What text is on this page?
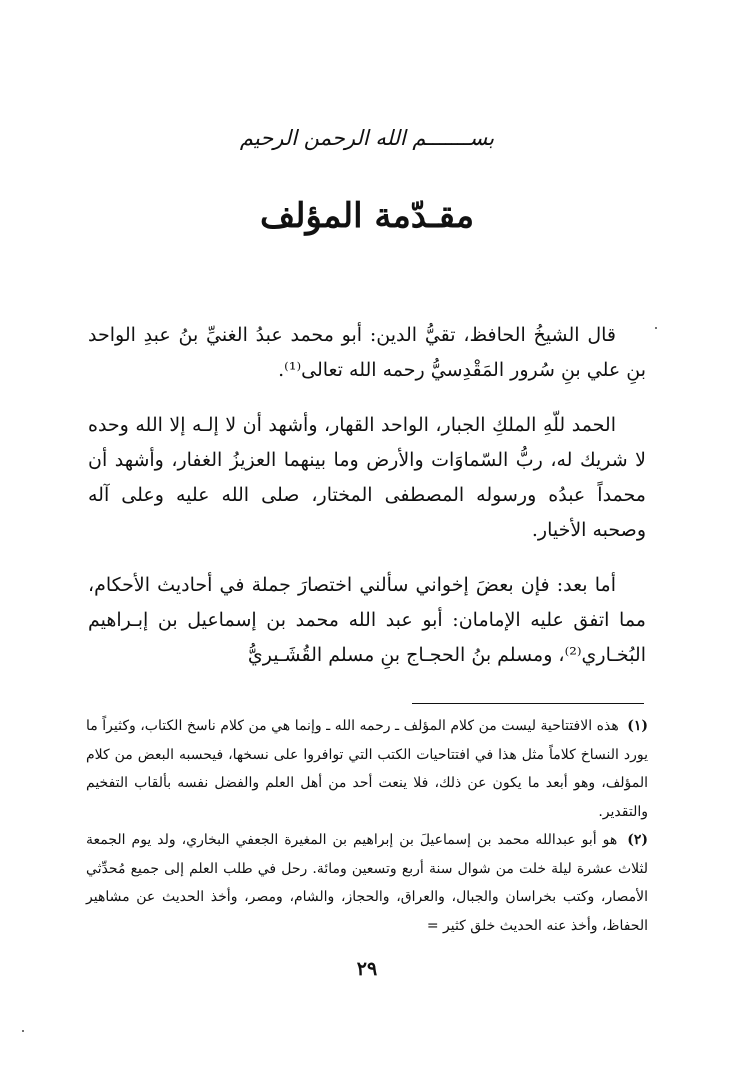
بســـــــم الله الرحمن الرحيم
مقـدّمة المؤلف

قال الشيخُ الحافظ، تقيُّ الدين: أبو محمد عبدُ الغنيِّ بنُ عبدِ الواحد بنِ علي بنِ سُرور المَقْدِسيُّ رحمه الله تعالى⁽¹⁾.

الحمد للّهِ الملكِ الجبار، الواحد القهار، وأشهد أن لا إلـه إلا الله وحده لا شريك له، ربُّ السّماوَات والأرض وما بينهما العزيزُ الغفار، وأشهد أن محمداً عبدُه ورسوله المصطفى المختار، صلى الله عليه وعلى آله وصحبه الأخيار.

أما بعد: فإن بعضَ إخواني سألني اختصارَ جملة في أحاديث الأحكام، مما اتفق عليه الإمامان: أبو عبد الله محمد بن إسماعيل بن إبـراهيم البُخـاري⁽²⁾، ومسلم بنُ الحجـاج بنِ مسلم القُشَـيريُّ

(١) هذه الافتتاحية ليست من كلام المؤلف ـ رحمه الله ـ وإنما هي من كلام ناسخ الكتاب، وكثيراً ما يورد النساخ كلاماً مثل هذا في افتتاحيات الكتب التي توافروا على نسخها، فيحسبه البعض من كلام المؤلف، وهو أبعد ما يكون عن ذلك، فلا ينعت أحد من أهل العلم والفضل نفسه بألقاب التفخيم والتقدير.

(٢) هو أبو عبدالله محمد بن إسماعيلَ بن إبراهيم بن المغيرة الجعفي البخاري، ولد يوم الجمعة لثلاث عشرة ليلة خلت من شوال سنة أربع وتسعين ومائة. رحل في طلب العلم إلى جميع مُحدِّثي الأمصار، وكتب بخراسان والجبال، والعراق، والحجاز، والشام، ومصر، وأخذ الحديث عن مشاهير الحفاظ، وأخذ عنه الحديث خلق كثير =

٢٩
